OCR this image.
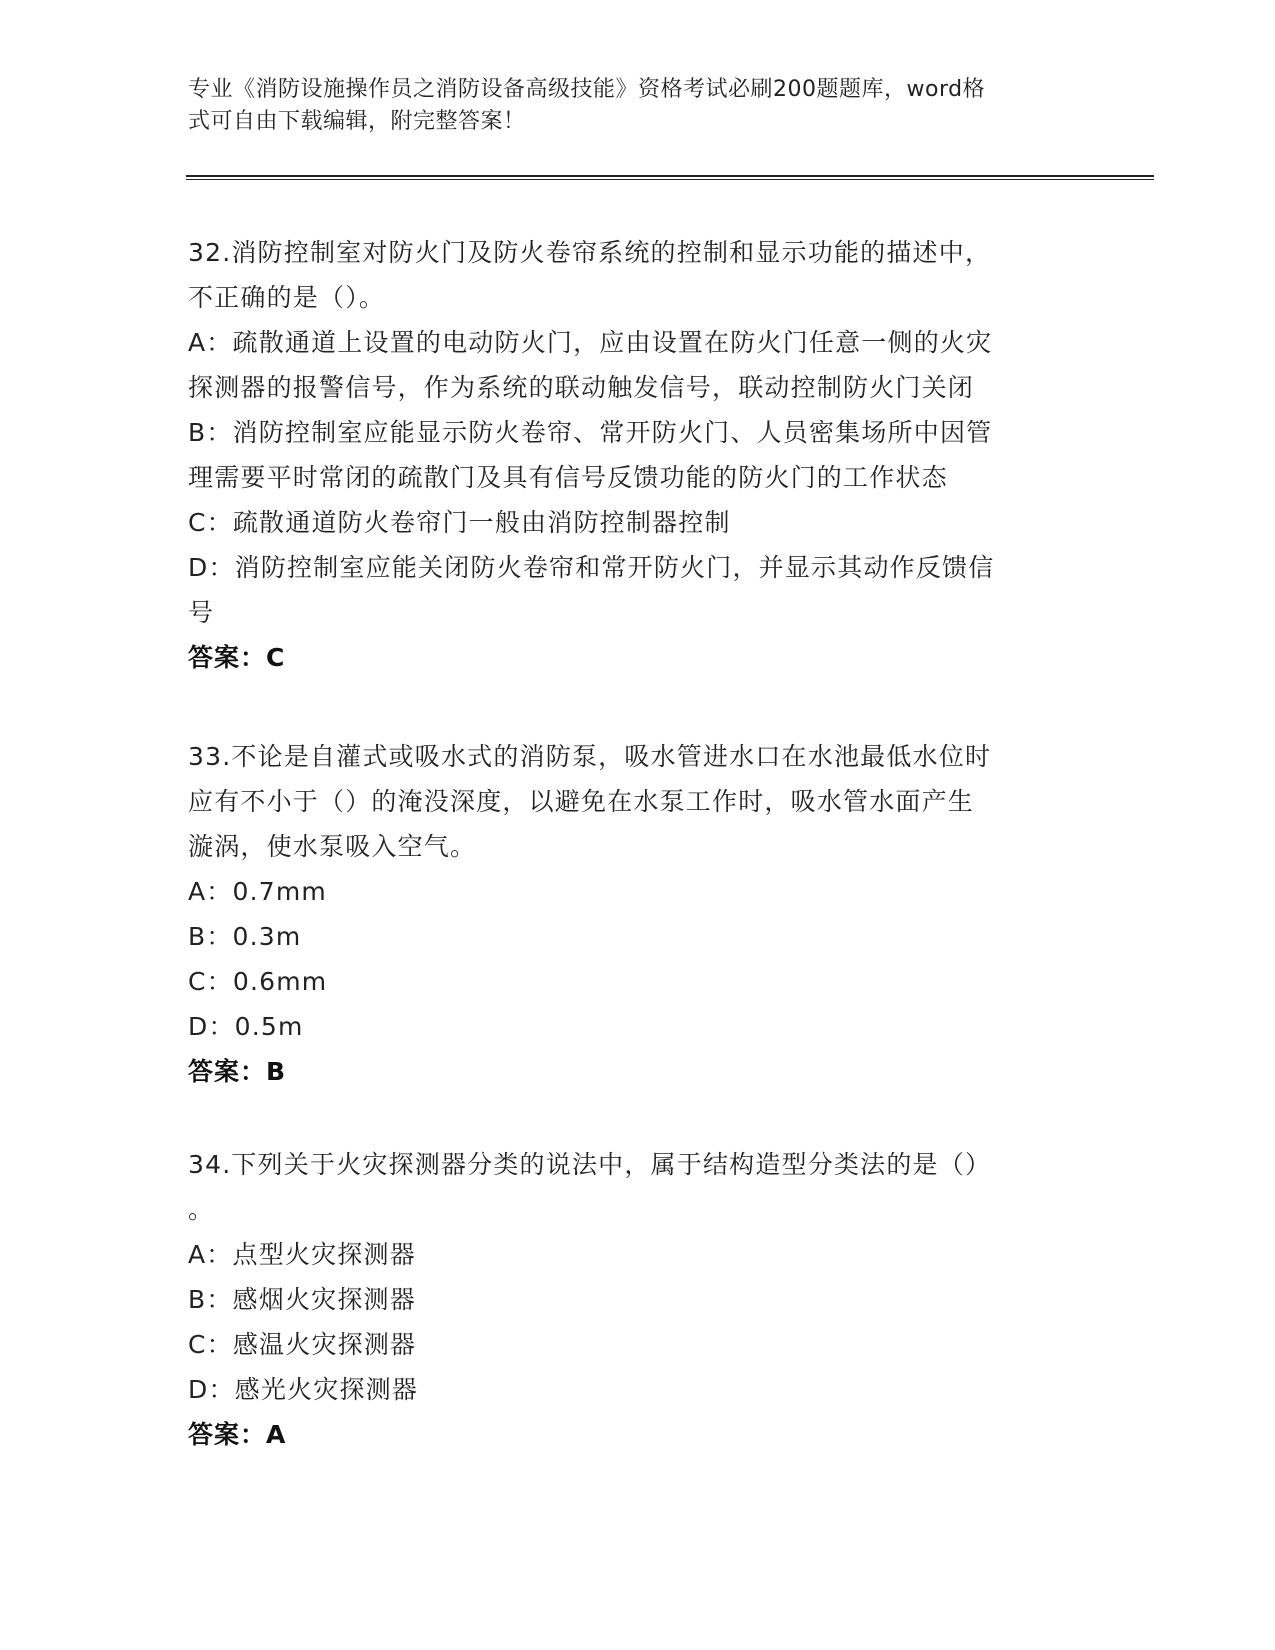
专业《消防设施操作员之消防设备高级技能》资格考试必刷200题题库，word格
式可自由下载编辑，附完整答案！
32.消防控制室对防火门及防火卷帘系统的控制和显示功能的描述中，
不正确的是（）。
A：疏散通道上设置的电动防火门，应由设置在防火门任意一侧的火灾
探测器的报警信号，作为系统的联动触发信号，联动控制防火门关闭
B：消防控制室应能显示防火卷帘、常开防火门、人员密集场所中因管
理需要平时常闭的疏散门及具有信号反馈功能的防火门的工作状态
C：疏散通道防火卷帘门一般由消防控制器控制
D：消防控制室应能关闭防火卷帘和常开防火门，并显示其动作反馈信
号
答案：C
33.不论是自灌式或吸水式的消防泵，吸水管进水口在水池最低水位时
应有不小于（）的淹没深度，以避免在水泵工作时，吸水管水面产生
漩涡，使水泵吸入空气。
A：0.7mm
B：0.3m
C：0.6mm
D：0.5m
答案：B
34.下列关于火灾探测器分类的说法中，属于结构造型分类法的是（）
。
A：点型火灾探测器
B：感烟火灾探测器
C：感温火灾探测器
D：感光火灾探测器
答案：A
